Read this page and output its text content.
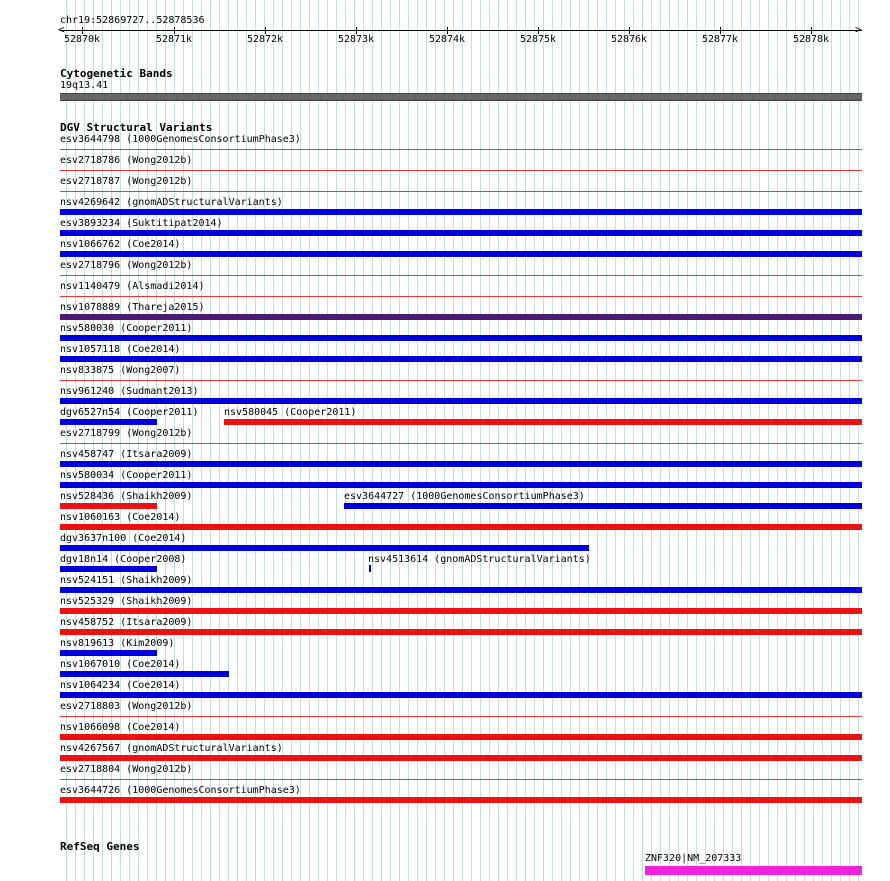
chr19:52869727..52878536
<	>
52870k	52871k	52872k	52873k	52874k	52875k	52876k	52877k	52878k
Cytogenetic Bands
19q13.41
DGV Structural Variants
esv3644798 (1000GenomesConsortiumPhase3)
esv2718786 (Wong2012b)
esv2718787 (Wong2012b)
nsv4269642 (gnomADStructuralVariants)
esv3893234 (Suktitipat2014)
nsv1066762 (Coe2014)
esv2718796 (Wong2012b)
nsv1140479 (Alsmadi2014)
nsv1078889 (Thareja2015)
nsv580030 (Cooper2011)
nsv1057118 (Coe2014)
nsv833875 (Wong2007)
nsv961240 (Sudmant2013)
dgv6527n54 (Cooper2011)	nsv580045 (Cooper2011)
esv2718799 (Wong2012b)
nsv458747 (Itsara2009)
nsv580034 (Cooper2011)
nsv528436 (Shaikh2009)	esv3644727 (1000GenomesConsortiumPhase3)
nsv1060163 (Coe2014)
dgv3637n100 (Coe2014)
dgv18n14 (Cooper2008)	nsv4513614 (gnomADStructuralVariants)
nsv524151 (Shaikh2009)
nsv525329 (Shaikh2009)
nsv458752 (Itsara2009)
nsv819613 (Kim2009)
nsv1067010 (Coe2014)
nsv1064234 (Coe2014)
esv2718803 (Wong2012b)
nsv1066098 (Coe2014)
nsv4267567 (gnomADStructuralVariants)
esv2718804 (Wong2012b)
esv3644726 (1000GenomesConsortiumPhase3)
RefSeq Genes
ZNF320|NM_207333
